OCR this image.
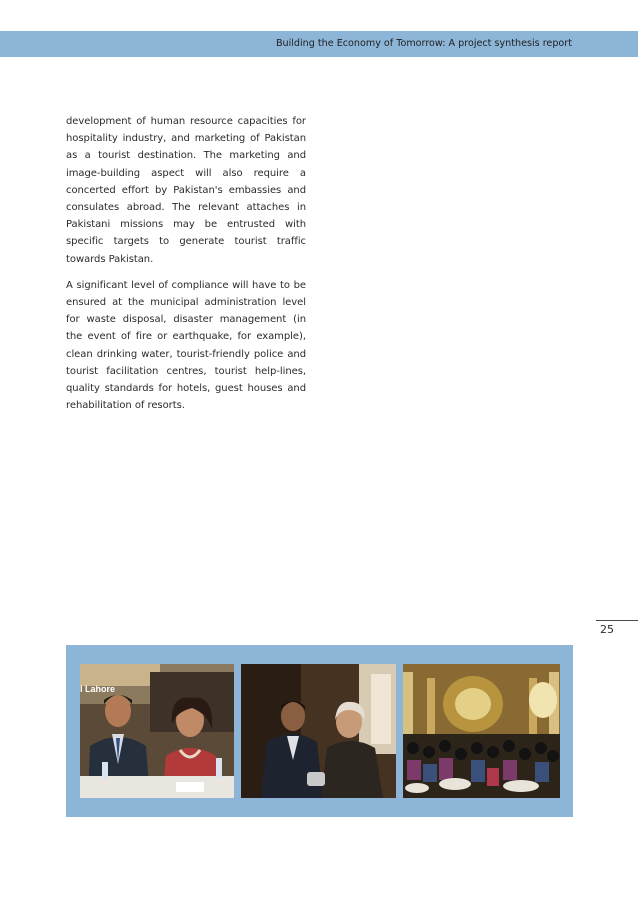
Building the Economy of Tomorrow: A project synthesis report

development of human resource capacities for hospitality industry, and marketing of Pakistan as a tourist destination. The marketing and image-building aspect will also require a concerted effort by Pakistan's embassies and consulates abroad. The relevant attaches in Pakistani missions may be entrusted with specific targets to generate tourist traffic towards Pakistan.

A significant level of compliance will have to be ensured at the municipal administration level for waste disposal, disaster management (in the event of fire or earthquake, for example), clean drinking water, tourist-friendly police and tourist facilitation centres, tourist help-lines, quality standards for hotels, guest houses and rehabilitation of resorts.

25
l Lahore
